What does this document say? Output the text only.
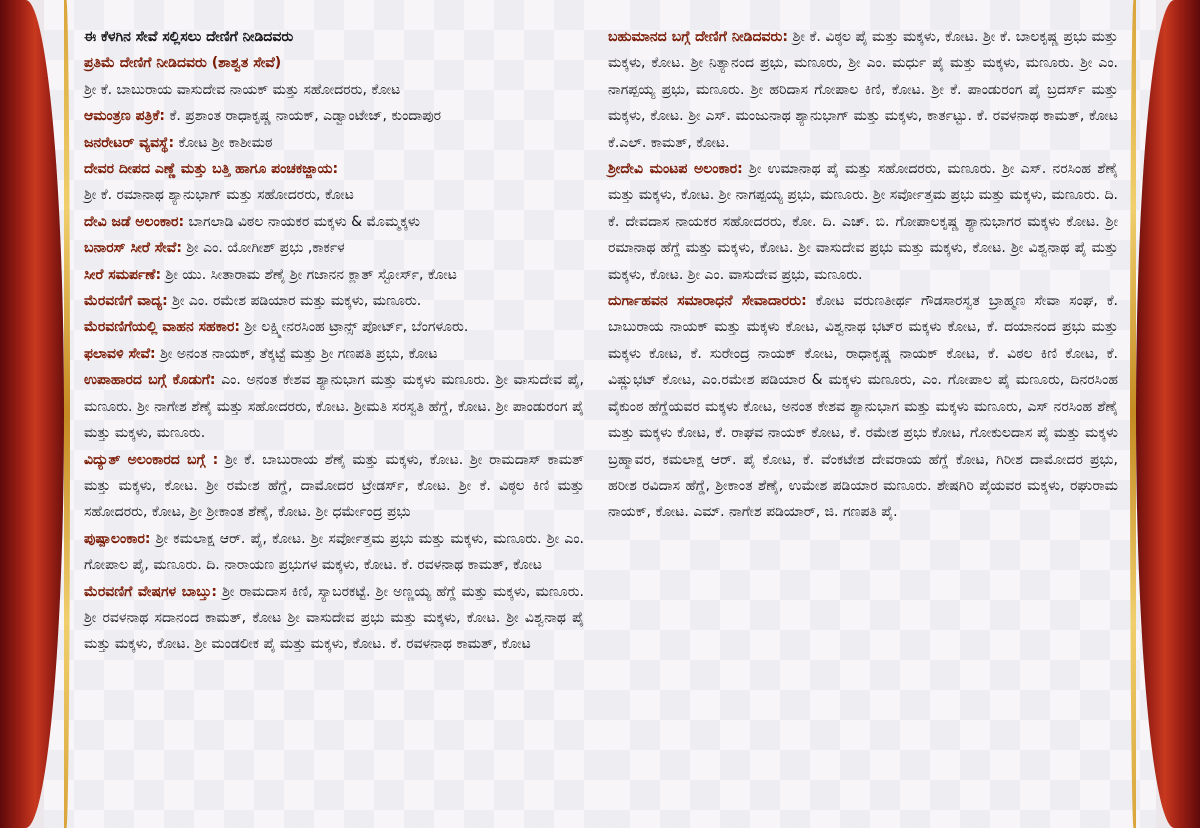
ಈ ಕೆಳಗಿನ ಸೇವೆ ಸಲ್ಲಿಸಲು ದೇಣಿಗೆ ನೀಡಿದವರು

ಪ್ರತಿಮೆ ದೇಣಿಗೆ ನೀಡಿದವರು (ಶಾಶ್ವತ ಸೇವೆ)

ಶ್ರೀ ಕೆ. ಬಾಬುರಾಯ ವಾಸುದೇವ ನಾಯಕ್ ಮತ್ತು ಸಹೋದರರು, ಕೋಟ

ಆಮಂತ್ರಣ ಪತ್ರಿಕೆ: ಕೆ. ಪ್ರಶಾಂತ ರಾಧಾಕೃಷ್ಣ ನಾಯಕ್, ಎಡ್ವಾಂಟೇಜ್, ಕುಂದಾಪುರ

ಜನರೇಟರ್ ವ್ಯವಸ್ಥೆ: ಕೋಟ ಶ್ರೀ ಕಾಶೀಮಠ

ದೇವರ ದೀಪದ ಎಣ್ಣೆ ಮತ್ತು ಬತ್ತಿ ಹಾಗೂ ಪಂಚಕಜ್ಜಾಯ:

ಶ್ರೀ ಕೆ. ರಮಾನಾಥ ಶ್ಯಾನುಭಾಗ್ ಮತ್ತು ಸಹೋದರರು, ಕೋಟ

ದೇವಿ ಜಡೆ ಅಲಂಕಾರ: ಬಾಗಲಾಡಿ ವಿಠಲ ನಾಯಕರ ಮಕ್ಕಳು & ಮೊಮ್ಮಕ್ಕಳು

ಬನಾರಸ್ ಸೀರೆ ಸೇವೆ: ಶ್ರೀ ಎಂ. ಯೋಗೀಶ್ ಪ್ರಭು ,ಕಾರ್ಕಳ

ಸೀರೆ ಸಮರ್ಪಣೆ: ಶ್ರೀ ಯು. ಸೀತಾರಾಮ ಶೆಣೈ ಶ್ರೀ ಗಜಾನನ ಕ್ಲಾತ್ ಸ್ಟೋರ್ಸ್, ಕೋಟ

ಮೆರವಣಿಗೆ ವಾದ್ಯ: ಶ್ರೀ ಎಂ. ರಮೇಶ ಪಡಿಯಾರ ಮತ್ತು ಮಕ್ಕಳು, ಮಣೂರು.

ಮೆರವಣಿಗೆಯಲ್ಲಿ ವಾಹನ ಸಹಕಾರ: ಶ್ರೀ ಲಕ್ಷ್ಮೀನರಸಿಂಹ ಟ್ರಾನ್ಸ್ ಪೋರ್ಟ್, ಬೆಂಗಳೂರು.

ಫಲಾವಳಿ ಸೇವೆ: ಶ್ರೀ ಅನಂತ ನಾಯಕ್, ತೆಕ್ಕಟ್ಟೆ ಮತ್ತು ಶ್ರೀ ಗಣಪತಿ ಪ್ರಭು, ಕೋಟ

ಉಪಾಹಾರದ ಬಗ್ಗೆ ಕೊಡುಗೆ: ಎಂ. ಅನಂತ ಕೇಶವ ಶ್ಯಾನುಭಾಗ ಮತ್ತು ಮಕ್ಕಳು ಮಣೂರು. ಶ್ರೀ ವಾಸುದೇವ ಪೈ, ಮಣೂರು. ಶ್ರೀ ನಾಗೇಶ ಶೆಣೈ ಮತ್ತು ಸಹೋದರರು, ಕೋಟ. ಶ್ರೀಮತಿ ಸರಸ್ವತಿ ಹೆಗ್ಡೆ, ಕೋಟ. ಶ್ರೀ ಪಾಂಡುರಂಗ ಪೈ ಮತ್ತು ಮಕ್ಕಳು, ಮಣೂರು.

ವಿದ್ಯುತ್ ಅಲಂಕಾರದ ಬಗ್ಗೆ : ಶ್ರೀ ಕೆ. ಬಾಬುರಾಯ ಶೆಣೈ ಮತ್ತು ಮಕ್ಕಳು, ಕೋಟ. ಶ್ರೀ ರಾಮದಾಸ್ ಕಾಮತ್ ಮತ್ತು ಮಕ್ಕಳು, ಕೋಟ. ಶ್ರೀ ರಮೇಶ ಹೆಗ್ಡೆ, ದಾಮೋದರ ಟ್ರೇಡರ್ಸ್, ಕೋಟ. ಶ್ರೀ ಕೆ. ವಿಠ್ಠಲ ಕಿಣಿ ಮತ್ತು ಸಹೋದರರು, ಕೋಟ, ಶ್ರೀ ಶ್ರೀಕಾಂತ ಶೆಣೈ, ಕೋಟ. ಶ್ರೀ ಧರ್ಮೇಂದ್ರ ಪ್ರಭು

ಪುಷ್ಪಾಲಂಕಾರ: ಶ್ರೀ ಕಮಲಾಕ್ಷ ಆರ್. ಪೈ, ಕೋಟ. ಶ್ರೀ ಸರ್ವೋತ್ತಮ ಪ್ರಭು ಮತ್ತು ಮಕ್ಕಳು, ಮಣೂರು. ಶ್ರೀ ಎಂ. ಗೋಪಾಲ ಪೈ, ಮಣೂರು. ದಿ. ನಾರಾಯಣ ಪ್ರಭುಗಳ ಮಕ್ಕಳು, ಕೋಟ. ಕೆ. ರವಳನಾಥ ಕಾಮತ್, ಕೋಟ

ಮೆರವಣಿಗೆ ವೇಷಗಳ ಬಾಬ್ತು: ಶ್ರೀ ರಾಮದಾಸ ಕಿಣಿ, ಸ್ಯಾಬರಕಟ್ಟೆ. ಶ್ರೀ ಅಣ್ಣಯ್ಯ ಹೆಗ್ಡೆ ಮತ್ತು ಮಕ್ಕಳು, ಮಣೂರು. ಶ್ರೀ ರವಳನಾಥ ಸದಾನಂದ ಕಾಮತ್, ಕೋಟ ಶ್ರೀ ವಾಸುದೇವ ಪ್ರಭು ಮತ್ತು ಮಕ್ಕಳು, ಕೋಟ. ಶ್ರೀ ವಿಶ್ವನಾಥ ಪೈ ಮತ್ತು ಮಕ್ಕಳು, ಕೋಟ. ಶ್ರೀ ಮಂಡಲೀಕ ಪೈ ಮತ್ತು ಮಕ್ಕಳು, ಕೋಟ. ಕೆ. ರವಳನಾಥ ಕಾಮತ್, ಕೋಟ

ಬಹುಮಾನದ ಬಗ್ಗೆ ದೇಣಿಗೆ ನೀಡಿದವರು: ಶ್ರೀ ಕೆ. ವಿಠ್ಠಲ ಪೈ ಮತ್ತು ಮಕ್ಕಳು, ಕೋಟ. ಶ್ರೀ ಕೆ. ಬಾಲಕೃಷ್ಣ ಪ್ರಭು ಮತ್ತು ಮಕ್ಕಳು, ಕೋಟ. ಶ್ರೀ ನಿತ್ಯಾನಂದ ಪ್ರಭು, ಮಣೂರು, ಶ್ರೀ ಎಂ. ಮರ್ಧು ಪೈ ಮತ್ತು ಮಕ್ಕಳು, ಮಣೂರು. ಶ್ರೀ ಎಂ. ನಾಗಪ್ಪಯ್ಯ ಪ್ರಭು, ಮಣೂರು. ಶ್ರೀ ಹರಿದಾಸ ಗೋಪಾಲ ಕಿಣಿ, ಕೋಟ. ಶ್ರೀ ಕೆ. ಪಾಂಡುರಂಗ ಪೈ ಬ್ರದರ್ಸ್ ಮತ್ತು ಮಕ್ಕಳು, ಕೋಟ. ಶ್ರೀ ಎಸ್. ಮಂಜುನಾಥ ಶ್ಯಾನುಭಾಗ್ ಮತ್ತು ಮಕ್ಕಳು, ಕಾರ್ತಟ್ಟು. ಕೆ. ರವಳನಾಥ ಕಾಮತ್, ಕೋಟ ಕೆ.ಎಲ್. ಕಾಮತ್, ಕೋಟ.

ಶ್ರೀದೇವಿ ಮಂಟಪ ಅಲಂಕಾರ: ಶ್ರೀ ಉಮಾನಾಥ ಪೈ ಮತ್ತು ಸಹೋದರರು, ಮಣೂರು. ಶ್ರೀ ಎಸ್. ನರಸಿಂಹ ಶೆಣೈ ಮತ್ತು ಮಕ್ಕಳು, ಕೋಟ. ಶ್ರೀ ನಾಗಪ್ಪಯ್ಯ ಪ್ರಭು, ಮಣೂರು. ಶ್ರೀ ಸರ್ವೋತ್ತಮ ಪ್ರಭು ಮತ್ತು ಮಕ್ಕಳು, ಮಣೂರು. ದಿ. ಕೆ. ದೇವದಾಸ ನಾಯಕರ ಸಹೋದರರು, ಕೋ. ದಿ. ಎಚ್. ಬಿ. ಗೋಪಾಲಕೃಷ್ಣ ಶ್ಯಾನುಭಾಗರ ಮಕ್ಕಳು ಕೋಟ. ಶ್ರೀ ರಮಾನಾಥ ಹೆಗ್ಡೆ ಮತ್ತು ಮಕ್ಕಳು, ಕೋಟ. ಶ್ರೀ ವಾಸುದೇವ ಪ್ರಭು ಮತ್ತು ಮಕ್ಕಳು, ಕೋಟ. ಶ್ರೀ ವಿಶ್ವನಾಥ ಪೈ ಮತ್ತು ಮಕ್ಕಳು, ಕೋಟ. ಶ್ರೀ ಎಂ. ವಾಸುದೇವ ಪ್ರಭು, ಮಣೂರು.

ದುರ್ಗಾಹವನ ಸಮಾರಾಧನೆ ಸೇವಾದಾರರು: ಕೋಟ ವರುಣತೀರ್ಥ ಗೌಡಸಾರಸ್ವತ ಬ್ರಾಹ್ಮಣ ಸೇವಾ ಸಂಘ, ಕೆ. ಬಾಬುರಾಯ ನಾಯಕ್ ಮತ್ತು ಮಕ್ಕಳು ಕೋಟ, ವಿಶ್ವನಾಥ ಭಟ್‌ರ ಮಕ್ಕಳು ಕೋಟ, ಕೆ. ದಯಾನಂದ ಪ್ರಭು ಮತ್ತು ಮಕ್ಕಳು ಕೋಟ, ಕೆ. ಸುರೇಂದ್ರ ನಾಯಕ್ ಕೋಟ, ರಾಧಾಕೃಷ್ಣ ನಾಯಕ್ ಕೋಟ, ಕೆ. ವಿಠಲ ಕಿಣಿ ಕೋಟ, ಕೆ. ವಿಷ್ಣುಭಟ್ ಕೋಟ, ಎಂ.ರಮೇಶ ಪಡಿಯಾರ & ಮಕ್ಕಳು ಮಣೂರು, ಎಂ. ಗೋಪಾಲ ಪೈ ಮಣೂರು, ದಿನರಸಿಂಹ ವೈಕುಂಠ ಹೆಗ್ಡೆಯವರ ಮಕ್ಕಳು ಕೋಟ, ಅನಂತ ಕೇಶವ ಶ್ಯಾನುಭಾಗ ಮತ್ತು ಮಕ್ಕಳು ಮಣೂರು, ಎಸ್ ನರಸಿಂಹ ಶೆಣೈ ಮತ್ತು ಮಕ್ಕಳು ಕೋಟ, ಕೆ. ರಾಘವ ನಾಯಕ್ ಕೋಟ, ಕೆ. ರಮೇಶ ಪ್ರಭು ಕೋಟ, ಗೋಕುಲದಾಸ ಪೈ ಮತ್ತು ಮಕ್ಕಳು ಬ್ರಹ್ಮಾವರ, ಕಮಲಾಕ್ಷ ಆರ್. ಪೈ ಕೋಟ, ಕೆ. ವೆಂಕಟೇಶ ದೇವರಾಯ ಹೆಗ್ಡೆ ಕೋಟ, ಗಿರೀಶ ದಾಮೋದರ ಪ್ರಭು, ಹರೀಶ ರವಿದಾಸ ಹೆಗ್ಡೆ, ಶ್ರೀಕಾಂತ ಶೆಣೈ, ಉಮೇಶ ಪಡಿಯಾರ ಮಣೂರು. ಶೇಷಗಿರಿ ಪೈಯವರ ಮಕ್ಕಳು, ರಘುರಾಮ ನಾಯಕ್, ಕೋಟ. ಎಮ್. ನಾಗೇಶ ಪಡಿಯಾರ್, ಜಿ. ಗಣಪತಿ ಪೈ.
